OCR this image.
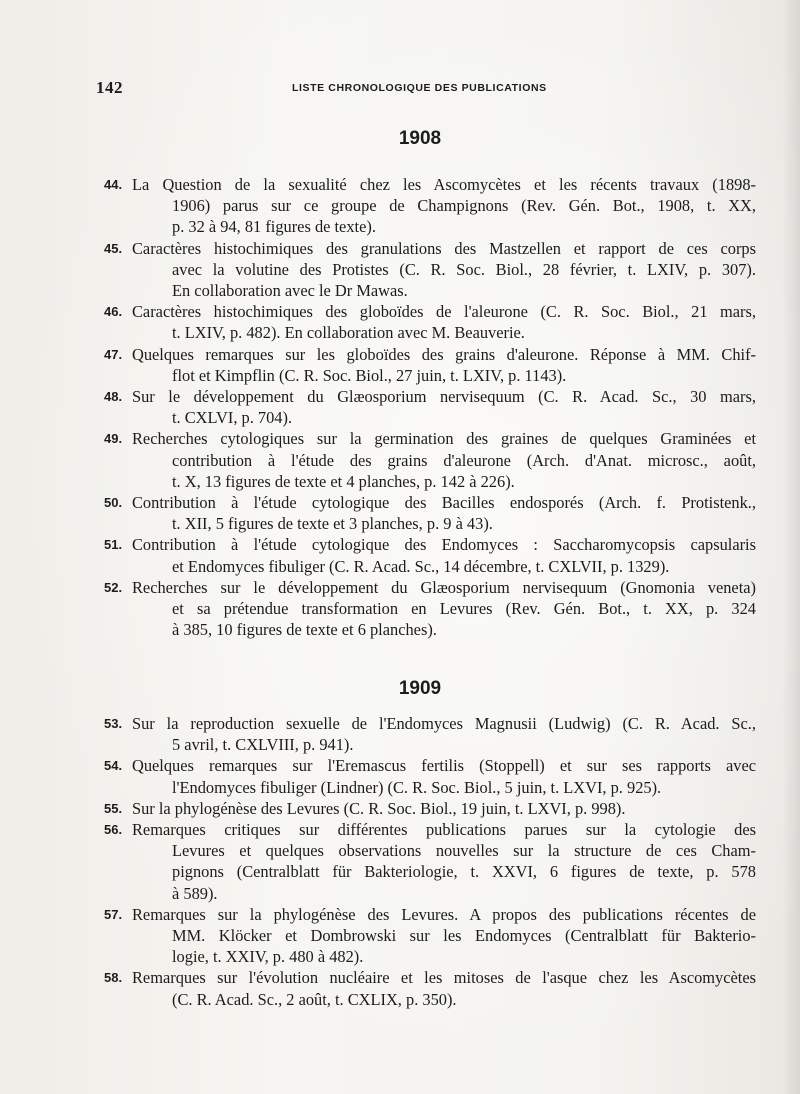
142	LISTE CHRONOLOGIQUE DES PUBLICATIONS
1908
44. La Question de la sexualité chez les Ascomycètes et les récents travaux (1898-
1906) parus sur ce groupe de Champignons (Rev. Gén. Bot., 1908, t. XX,
p. 32 à 94, 81 figures de texte).
45. Caractères histochimiques des granulations des Mastzellen et rapport de ces corps
avec la volutine des Protistes (C. R. Soc. Biol., 28 février, t. LXIV, p. 307).
En collaboration avec le Dr Mawas.
46. Caractères histochimiques des globoïdes de l'aleurone (C. R. Soc. Biol., 21 mars,
t. LXIV, p. 482). En collaboration avec M. Beauverie.
47. Quelques remarques sur les globoïdes des grains d'aleurone. Réponse à MM. Chif-
flot et Kimpflin (C. R. Soc. Biol., 27 juin, t. LXIV, p. 1143).
48. Sur le développement du Glæosporium nervisequum (C. R. Acad. Sc., 30 mars,
t. CXLVI, p. 704).
49. Recherches cytologiques sur la germination des graines de quelques Graminées et
contribution à l'étude des grains d'aleurone (Arch. d'Anat. microsc., août,
t. X, 13 figures de texte et 4 planches, p. 142 à 226).
50. Contribution à l'étude cytologique des Bacilles endosporés (Arch. f. Protistenk.,
t. XII, 5 figures de texte et 3 planches, p. 9 à 43).
51. Contribution à l'étude cytologique des Endomyces : Saccharomycopsis capsularis
et Endomyces fibuliger (C. R. Acad. Sc., 14 décembre, t. CXLVII, p. 1329).
52. Recherches sur le développement du Glæosporium nervisequum (Gnomonia veneta)
et sa prétendue transformation en Levures (Rev. Gén. Bot., t. XX, p. 324
à 385, 10 figures de texte et 6 planches).
1909
53. Sur la reproduction sexuelle de l'Endomyces Magnusii (Ludwig) (C. R. Acad. Sc.,
5 avril, t. CXLVIII, p. 941).
54. Quelques remarques sur l'Eremascus fertilis (Stoppell) et sur ses rapports avec
l'Endomyces fibuliger (Lindner) (C. R. Soc. Biol., 5 juin, t. LXVI, p. 925).
55. Sur la phylogénèse des Levures (C. R. Soc. Biol., 19 juin, t. LXVI, p. 998).
56. Remarques critiques sur différentes publications parues sur la cytologie des
Levures et quelques observations nouvelles sur la structure de ces Cham-
pignons (Centralblatt für Bakteriologie, t. XXVI, 6 figures de texte, p. 578
à 589).
57. Remarques sur la phylogénèse des Levures. A propos des publications récentes de
MM. Klöcker et Dombrowski sur les Endomyces (Centralblatt für Bakterio-
logie, t. XXIV, p. 480 à 482).
58. Remarques sur l'évolution nucléaire et les mitoses de l'asque chez les Ascomycètes
(C. R. Acad. Sc., 2 août, t. CXLIX, p. 350).
